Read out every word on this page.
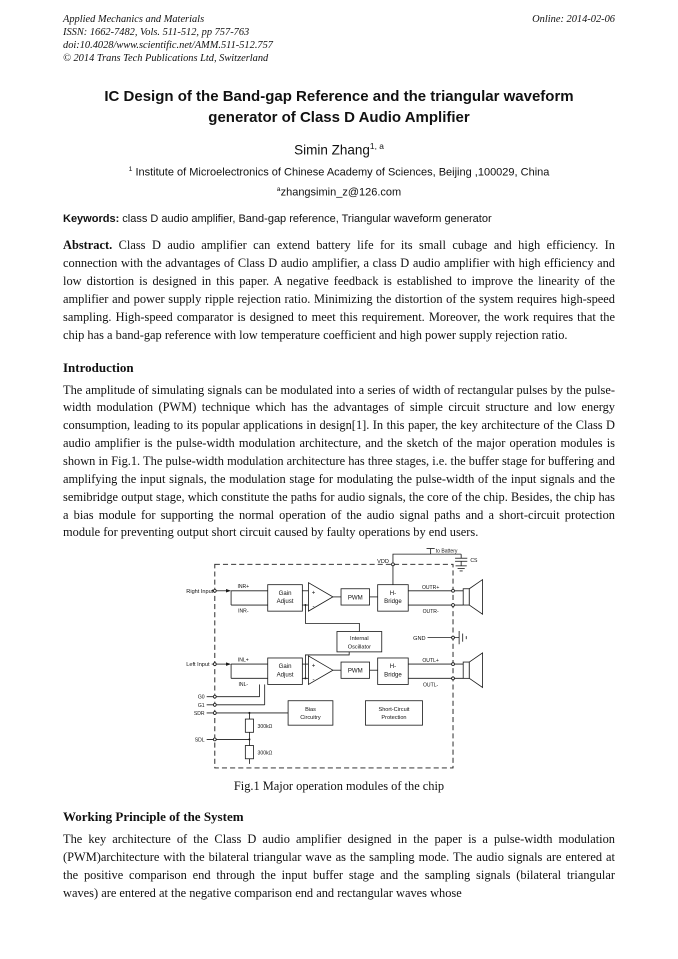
Applied Mechanics and Materials
ISSN: 1662-7482, Vols. 511-512, pp 757-763
doi:10.4028/www.scientific.net/AMM.511-512.757
© 2014 Trans Tech Publications Ltd, Switzerland
Online: 2014-02-06
IC Design of the Band-gap Reference and the triangular waveform generator of Class D Audio Amplifier
Simin Zhang$^{1, a}$
$^1$ Institute of Microelectronics of Chinese Academy of Sciences, Beijing ,100029, China
$^a$zhangsimin_z@126.com
Keywords: class D audio amplifier, Band-gap reference, Triangular waveform generator

Abstract. Class D audio amplifier can extend battery life for its small cubage and high efficiency. In connection with the advantages of Class D audio amplifier, a class D audio amplifier with high efficiency and low distortion is designed in this paper. A negative feedback is established to improve the linearity of the amplifier and power supply ripple rejection ratio. Minimizing the distortion of the system requires high-speed sampling. High-speed comparator is designed to meet this requirement. Moreover, the work requires that the chip has a band-gap reference with low temperature coefficient and high power supply rejection ratio.

Introduction

The amplitude of simulating signals can be modulated into a series of width of rectangular pulses by the pulse-width modulation (PWM) technique which has the advantages of simple circuit structure and low energy consumption, leading to its popular applications in design[1]. In this paper, the key architecture of the Class D audio amplifier is the pulse-width modulation architecture, and the sketch of the major operation modules is shown in Fig.1. The pulse-width modulation architecture has three stages, i.e. the buffer stage for buffering and amplifying the input signals, the modulation stage for modulating the pulse-width of the input signals and the semibridge output stage, which constitute the paths for audio signals, the core of the chip. Besides, the chip has a bias module for supporting the normal operation of the audio signal paths and a short-circuit protection module for preventing output short circuit caused by faulty operations by end users.

VDD
to Battery
CS
Right Input
INR+
INR-
Gain
Adjust
+
-
PWM
H-
Bridge
OUTR+
OUTR-
Internal
Oscillator
GND
Left Input
INL+
INL-
Gain
Adjust
+
-
PWM
H-
Bridge
OUTL+
OUTL-
G0
G1
SDR
SDL
300kΩ
300kΩ
Bias
Circuitry
Short-Circuit
Protection
Fig.1 Major operation modules of the chip
Working Principle of the System

The key architecture of the Class D audio amplifier designed in the paper is a pulse-width modulation (PWM)architecture with the bilateral triangular wave as the sampling mode. The audio signals are entered at the positive comparison end through the input buffer stage and the sampling signals (bilateral triangular waves) are entered at the negative comparison end and rectangular waves whose
